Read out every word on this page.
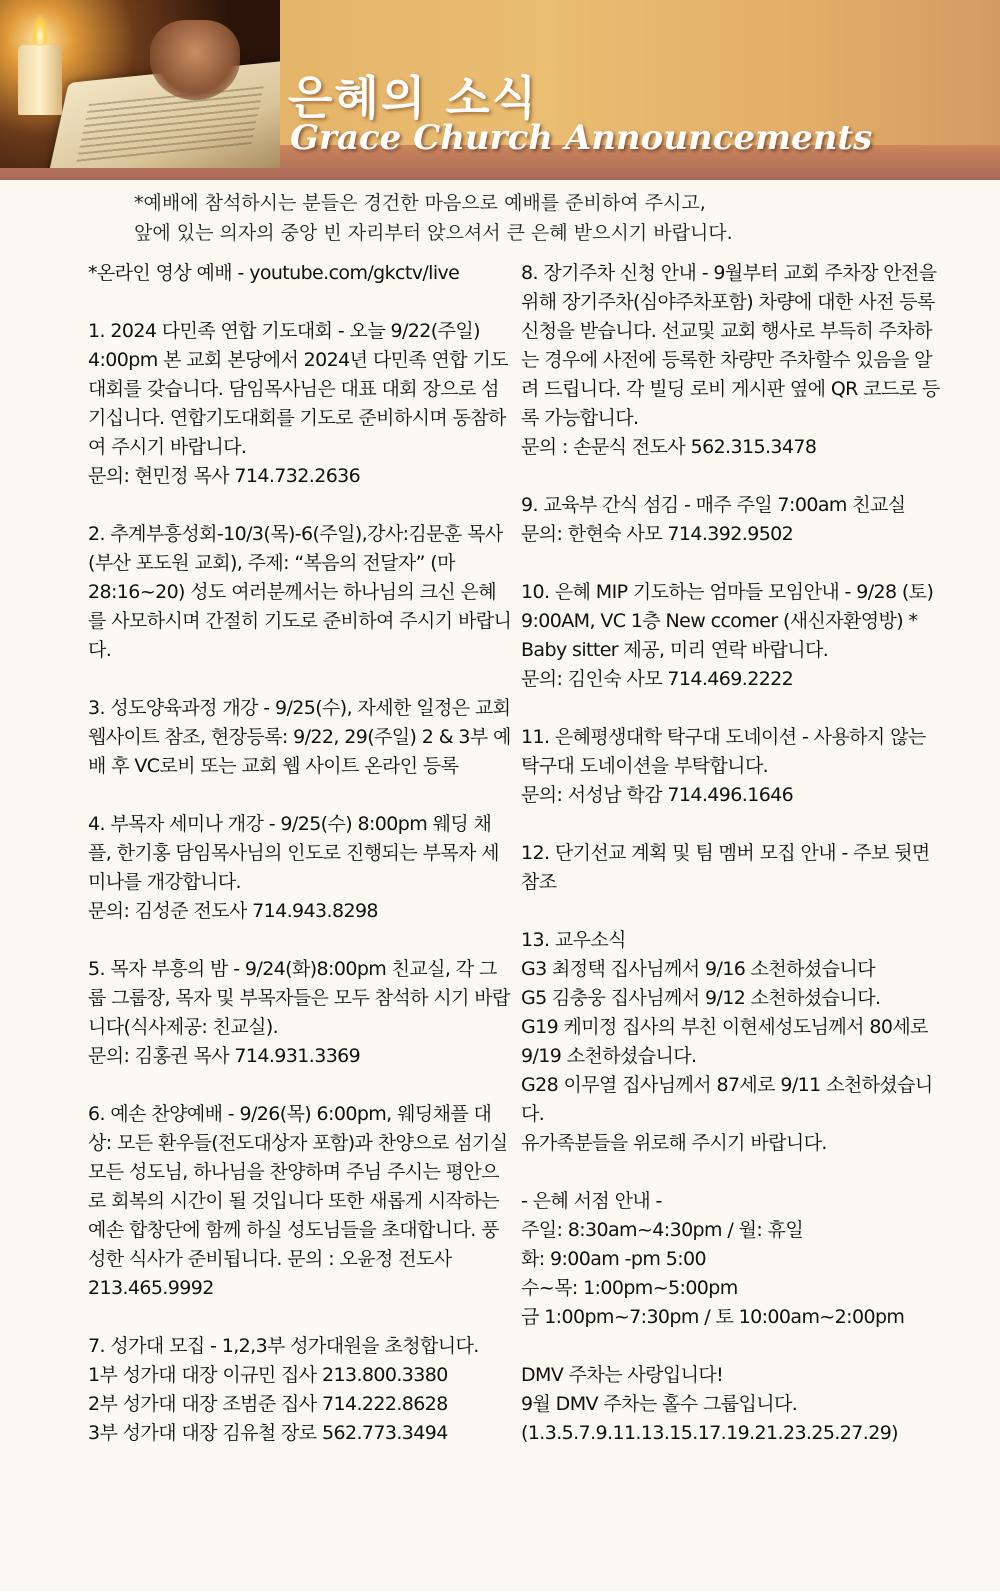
은혜의 소식
Grace Church Announcements
*예배에 참석하시는 분들은 경건한 마음으로 예배를 준비하여 주시고,
앞에 있는 의자의 중앙 빈 자리부터 앉으셔서 큰 은혜 받으시기 바랍니다.
*온라인 영상 예배 - youtube.com/gkctv/live
1. 2024 다민족 연합 기도대회 - 오늘 9/22(주일) 4:00pm 본 교회 본당에서 2024년 다민족 연합 기도대회를 갖습니다. 담임목사님은 대표 대회 장으로 섬기십니다. 연합기도대회를 기도로 준비하시며 동참하여 주시기 바랍니다.
문의: 현민정 목사 714.732.2636
2. 추계부흥성회-10/3(목)-6(주일),강사:김문훈 목사(부산 포도원 교회), 주제: “복음의 전달자” (마28:16~20) 성도 여러분께서는 하나님의 크신 은혜를 사모하시며 간절히 기도로 준비하여 주시기 바랍니다.
3. 성도양육과정 개강 - 9/25(수), 자세한 일정은 교회 웹사이트 참조, 현장등록: 9/22, 29(주일) 2 & 3부 예배 후 VC로비 또는 교회 웹 사이트 온라인 등록
4. 부목자 세미나 개강 - 9/25(수) 8:00pm 웨딩 채플, 한기홍 담임목사님의 인도로 진행되는 부목자 세미나를 개강합니다.
문의: 김성준 전도사 714.943.8298
5. 목자 부흥의 밤 - 9/24(화)8:00pm 친교실, 각 그룹 그룹장, 목자 및 부목자들은 모두 참석하 시기 바랍니다(식사제공: 친교실).
문의: 김홍권 목사 714.931.3369
6. 예손 찬양예배 - 9/26(목) 6:00pm, 웨딩채플 대상: 모든 환우들(전도대상자 포함)과 찬양으로 섬기실 모든 성도님, 하나님을 찬양하며 주님 주시는 평안으로 회복의 시간이 될 것입니다 또한 새롭게 시작하는 예손 합창단에 함께 하실 성도님들을 초대합니다. 풍성한 식사가 준비됩니다. 문의 : 오윤정 전도사 213.465.9992
7. 성가대 모집 - 1,2,3부 성가대원을 초청합니다.
1부 성가대 대장 이규민 집사 213.800.3380
2부 성가대 대장 조범준 집사 714.222.8628
3부 성가대 대장 김유철 장로 562.773.3494
8. 장기주차 신청 안내 - 9월부터 교회 주차장 안전을 위해 장기주차(심야주차포함) 차량에 대한 사전 등록 신청을 받습니다. 선교및 교회 행사로 부득히 주차하는 경우에 사전에 등록한 차량만 주차할수 있음을 알려 드립니다. 각 빌딩 로비 게시판 옆에 QR 코드로 등록 가능합니다.
문의 : 손문식 전도사 562.315.3478
9. 교육부 간식 섬김 - 매주 주일 7:00am 친교실
문의: 한현숙 사모 714.392.9502
10. 은혜 MIP 기도하는 엄마들 모임안내 - 9/28 (토) 9:00AM, VC 1층 New ccomer (새신자환영방) * Baby sitter 제공, 미리 연락 바랍니다.
문의: 김인숙 사모 714.469.2222
11. 은혜평생대학 탁구대 도네이션 - 사용하지 않는 탁구대 도네이션을 부탁합니다.
문의: 서성남 학감 714.496.1646
12. 단기선교 계획 및 팀 멤버 모집 안내 - 주보 뒷면 참조
13. 교우소식
G3 최정택 집사님께서 9/16 소천하셨습니다
G5 김충웅 집사님께서 9/12 소천하셨습니다.
G19 케미정 집사의 부친 이현세성도님께서 80세로 9/19 소천하셨습니다.
G28 이무열 집사님께서 87세로 9/11 소천하셨습니다.
유가족분들을 위로해 주시기 바랍니다.
- 은혜 서점 안내 -
주일: 8:30am~4:30pm / 월: 휴일
화: 9:00am -pm 5:00
수~목: 1:00pm~5:00pm
금 1:00pm~7:30pm / 토 10:00am~2:00pm
DMV 주차는 사랑입니다!
9월 DMV 주차는 홀수 그룹입니다.
(1.3.5.7.9.11.13.15.17.19.21.23.25.27.29)
